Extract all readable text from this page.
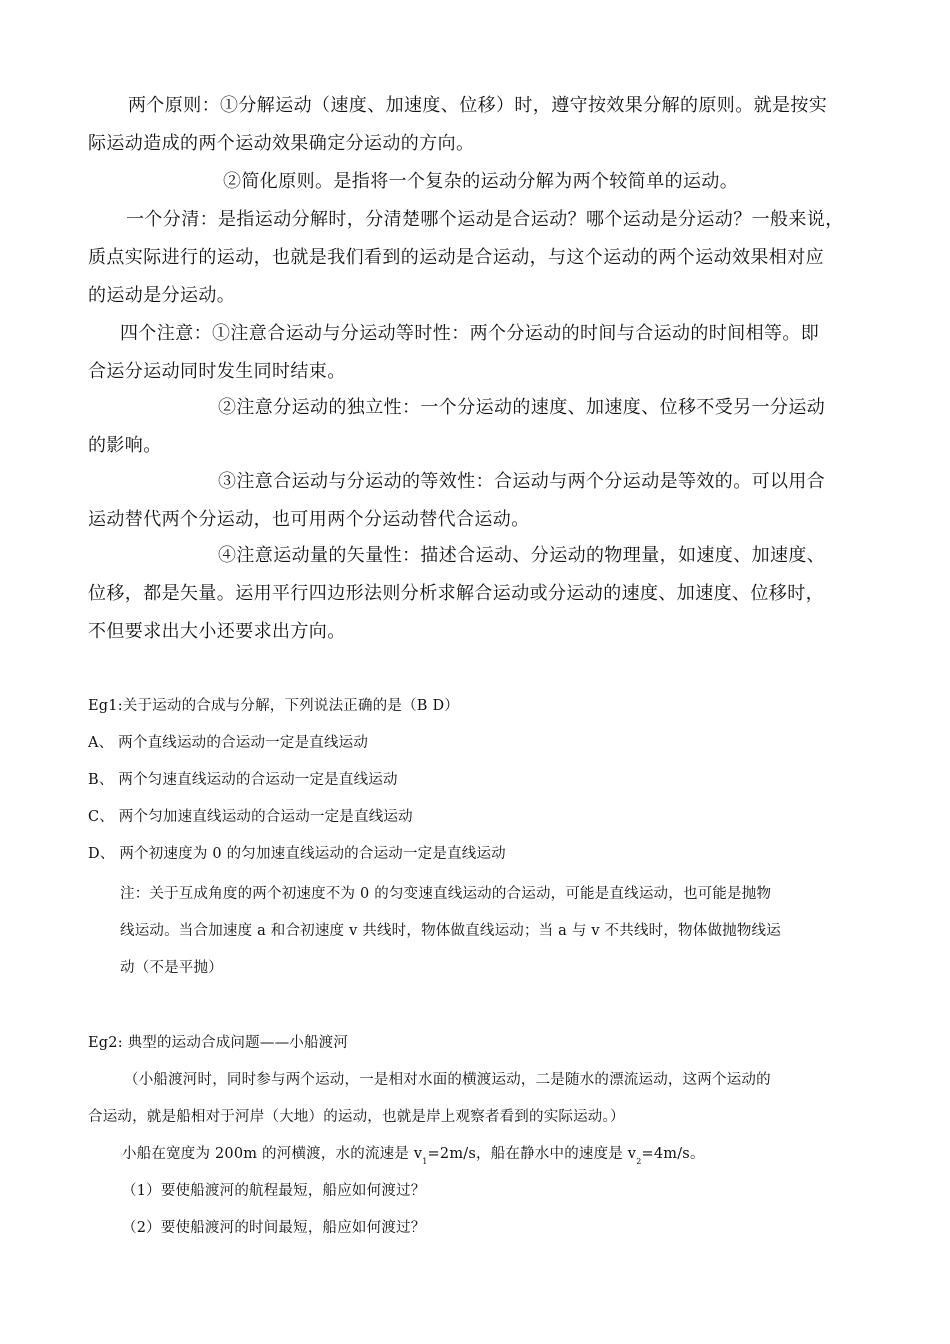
两个原则：①分解运动（速度、加速度、位移）时，遵守按效果分解的原则。就是按实
际运动造成的两个运动效果确定分运动的方向。

②简化原则。是指将一个复杂的运动分解为两个较简单的运动。

一个分清：是指运动分解时，分清楚哪个运动是合运动？哪个运动是分运动？一般来说，
质点实际进行的运动，也就是我们看到的运动是合运动，与这个运动的两个运动效果相对应
的运动是分运动。

四个注意：①注意合运动与分运动等时性：两个分运动的时间与合运动的时间相等。即
合运分运动同时发生同时结束。

②注意分运动的独立性：一个分运动的速度、加速度、位移不受另一分运动
的影响。

③注意合运动与分运动的等效性：合运动与两个分运动是等效的。可以用合
运动替代两个分运动，也可用两个分运动替代合运动。

④注意运动量的矢量性：描述合运动、分运动的物理量，如速度、加速度、
位移，都是矢量。运用平行四边形法则分析求解合运动或分运动的速度、加速度、位移时，
不但要求出大小还要求出方向。

Eg1:关于运动的合成与分解，下列说法正确的是（B D）
A、 两个直线运动的合运动一定是直线运动
B、 两个匀速直线运动的合运动一定是直线运动
C、 两个匀加速直线运动的合运动一定是直线运动
D、 两个初速度为 0 的匀加速直线运动的合运动一定是直线运动
注：关于互成角度的两个初速度不为 0 的匀变速直线运动的合运动，可能是直线运动，也可能是抛物
线运动。当合加速度 a 和合初速度 v 共线时，物体做直线运动；当 a 与 v 不共线时，物体做抛物线运
动（不是平抛）
Eg2: 典型的运动合成问题——小船渡河
（小船渡河时，同时参与两个运动，一是相对水面的横渡运动，二是随水的漂流运动，这两个运动的
合运动，就是船相对于河岸（大地）的运动，也就是岸上观察者看到的实际运动。）
小船在宽度为 200m 的河横渡，水的流速是 $v_1=2m/s$，船在静水中的速度是 $v_2=4m/s$。
（1）要使船渡河的航程最短，船应如何渡过？
（2）要使船渡河的时间最短，船应如何渡过？
